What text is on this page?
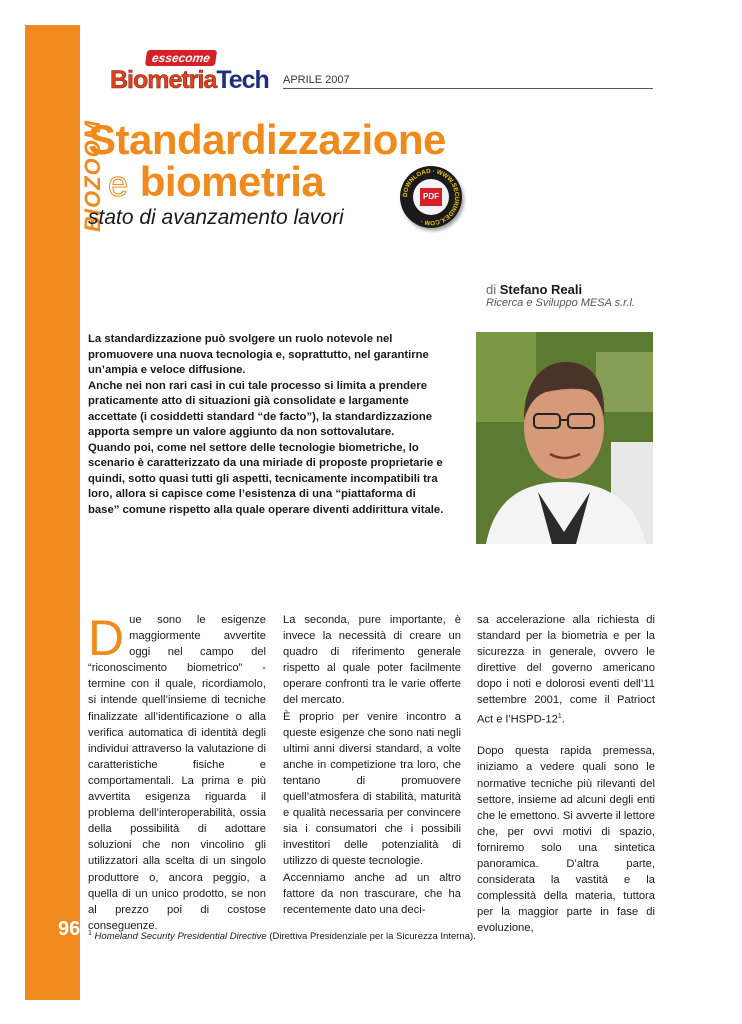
BIOZOOM
96
essecome
BiometriaTech APRILE 2007
Standardizzazione
e biometria
stato di avanzamento lavori
DOWNLOAD · WWW.SECURINDEX.COM ·
PDF
di Stefano Reali
Ricerca e Sviluppo MESA s.r.l.

La standardizzazione può svolgere un ruolo notevole nel promuovere una nuova tecnologia e, soprattutto, nel garantirne un’ampia e veloce diffusione.

Anche nei non rari casi in cui tale processo si limita a prendere praticamente atto di situazioni già consolidate e largamente accettate (i cosiddetti standard “de facto”), la standardizzazione apporta sempre un valore aggiunto da non sottovalutare.

Quando poi, come nel settore delle tecnologie biometriche, lo scenario è caratterizzato da una miriade di proposte proprietarie e quindi, sotto quasi tutti gli aspetti, tecnicamente incompatibili tra loro, allora si capisce come l’esistenza di una “piattaforma di base” comune rispetto alla quale operare diventi addirittura vitale.

Due sono le esigenze maggiormente avvertite oggi nel campo del “riconoscimento biometrico” - termine con il quale, ricordiamolo, si intende quell’insieme di tecniche finalizzate all’identificazione o alla verifica automatica di identità degli individui attraverso la valutazione di caratteristiche fisiche e comportamentali. La prima e più avvertita esigenza riguarda il problema dell’interoperabilità, ossia della possibilità di adottare soluzioni che non vincolino gli utilizzatori alla scelta di un singolo produttore o, ancora peggio, a quella di un unico prodotto, se non al prezzo poi di costose conseguenze.

La seconda, pure importante, è invece la necessità di creare un quadro di riferimento generale rispetto al quale poter facilmente operare confronti tra le varie offerte del mercato.

È proprio per venire incontro a queste esigenze che sono nati negli ultimi anni diversi standard, a volte anche in competizione tra loro, che tentano di promuovere quell’atmosfera di stabilità, maturità e qualità necessaria per convincere sia i consumatori che i possibili investitori delle potenzialità di utilizzo di queste tecnologie.

Accenniamo anche ad un altro fattore da non trascurare, che ha recentemente dato una deci-

sa accelerazione alla richiesta di standard per la biometria e per la sicurezza in generale, ovvero le direttive del governo americano dopo i noti e dolorosi eventi dell’11 settembre 2001, come il Patrioct Act e $l’HSPD-12^1$.

Dopo questa rapida premessa, iniziamo a vedere quali sono le normative tecniche più rilevanti del settore, insieme ad alcuni degli enti che le emettono. Si avverte il lettore che, per ovvi motivi di spazio, forniremo solo una sintetica panoramica. D’altra parte, considerata la vastità e la complessità della materia, tuttora per la maggior parte in fase di evoluzione,

$^1$ Homeland Security Presidential Directive (Direttiva Presidenziale per la Sicurezza Interna).
